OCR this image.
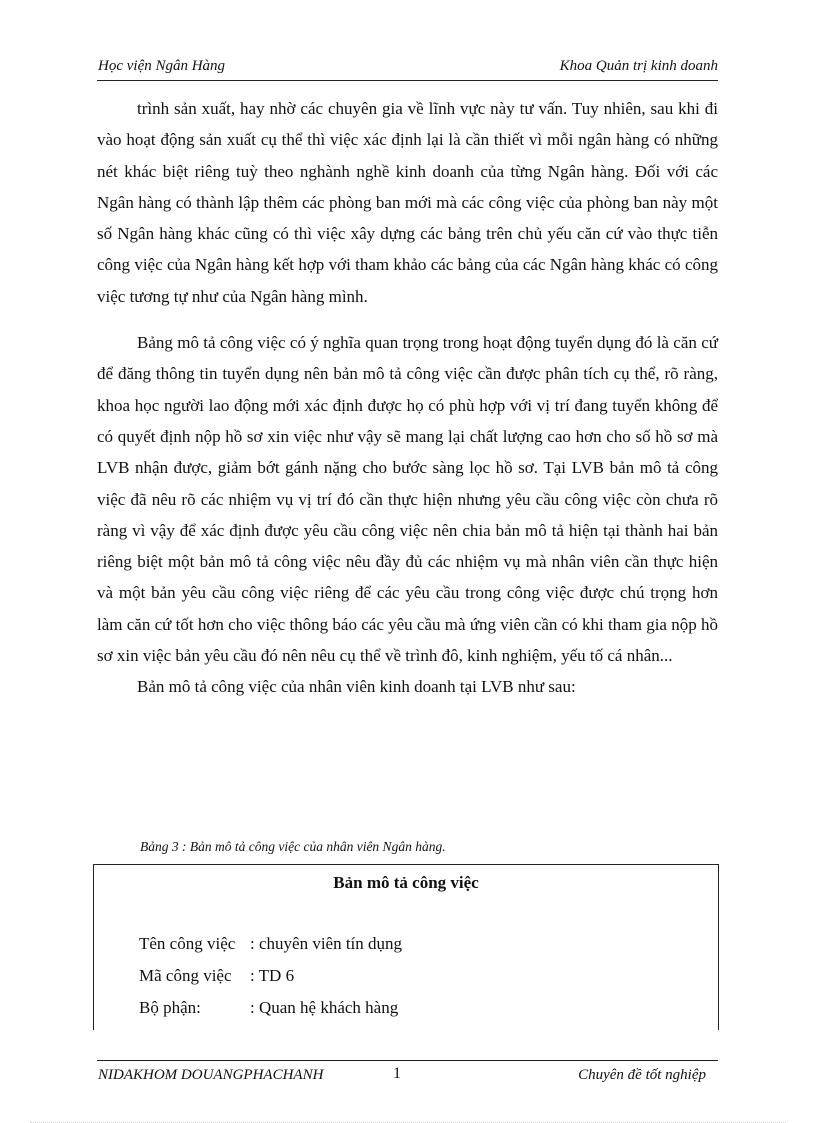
Học viện Ngân Hàng	Khoa Quản trị kinh doanh

trình sản xuất, hay nhờ các chuyên gia về lĩnh vực này tư vấn. Tuy nhiên, sau khi đi vào hoạt động sản xuất cụ thể thì việc xác định lại là cần thiết vì mỗi ngân hàng có những nét khác biệt riêng tuỳ theo nghành nghề kinh doanh của từng Ngân hàng. Đối với các Ngân hàng có thành lập thêm các phòng ban mới mà các công việc của phòng ban này một số Ngân hàng khác cũng có thì việc xây dựng các bảng trên chủ yếu căn cứ vào thực tiễn công việc của Ngân hàng kết hợp với tham khảo các bảng của các Ngân hàng khác có công việc tương tự như của Ngân hàng mình.

Bảng mô tả công việc có ý nghĩa quan trọng trong hoạt động tuyển dụng đó là căn cứ để đăng thông tin tuyển dụng nên bản mô tả công việc cần được phân tích cụ thể, rõ ràng, khoa học người lao động mới xác định được họ có phù hợp với vị trí đang tuyển không để có quyết định nộp hồ sơ xin việc như vậy sẽ mang lại chất lượng cao hơn cho số hồ sơ mà LVB nhận được, giảm bớt gánh nặng cho bước sàng lọc hồ sơ. Tại LVB bản mô tả công việc đã nêu rõ các nhiệm vụ vị trí đó cần thực hiện nhưng yêu cầu công việc còn chưa rõ ràng vì vậy để xác định được yêu cầu công việc nên chia bản mô tả hiện tại thành hai bản riêng biệt một bản mô tả công việc nêu đầy đủ các nhiệm vụ mà nhân viên cần thực hiện và một bản yêu cầu công việc riêng để các yêu cầu trong công việc được chú trọng hơn làm căn cứ tốt hơn cho việc thông báo các yêu cầu mà ứng viên cần có khi tham gia nộp hồ sơ xin việc bản yêu cầu đó nên nêu cụ thể về trình đô, kinh nghiệm, yếu tố cá nhân...

Bản mô tả công việc của nhân viên kinh doanh tại LVB như sau:

Bảng 3 : Bản mô tả công việc của nhân viên Ngân hàng.
Bản mô tả công việc
Tên công việc : chuyên viên tín dụng
Mã công việc : TD 6
Bộ phận:	: Quan hệ khách hàng
NIDAKHOM DOUANGPHACHANH	1	Chuyên đề tốt nghiệp
